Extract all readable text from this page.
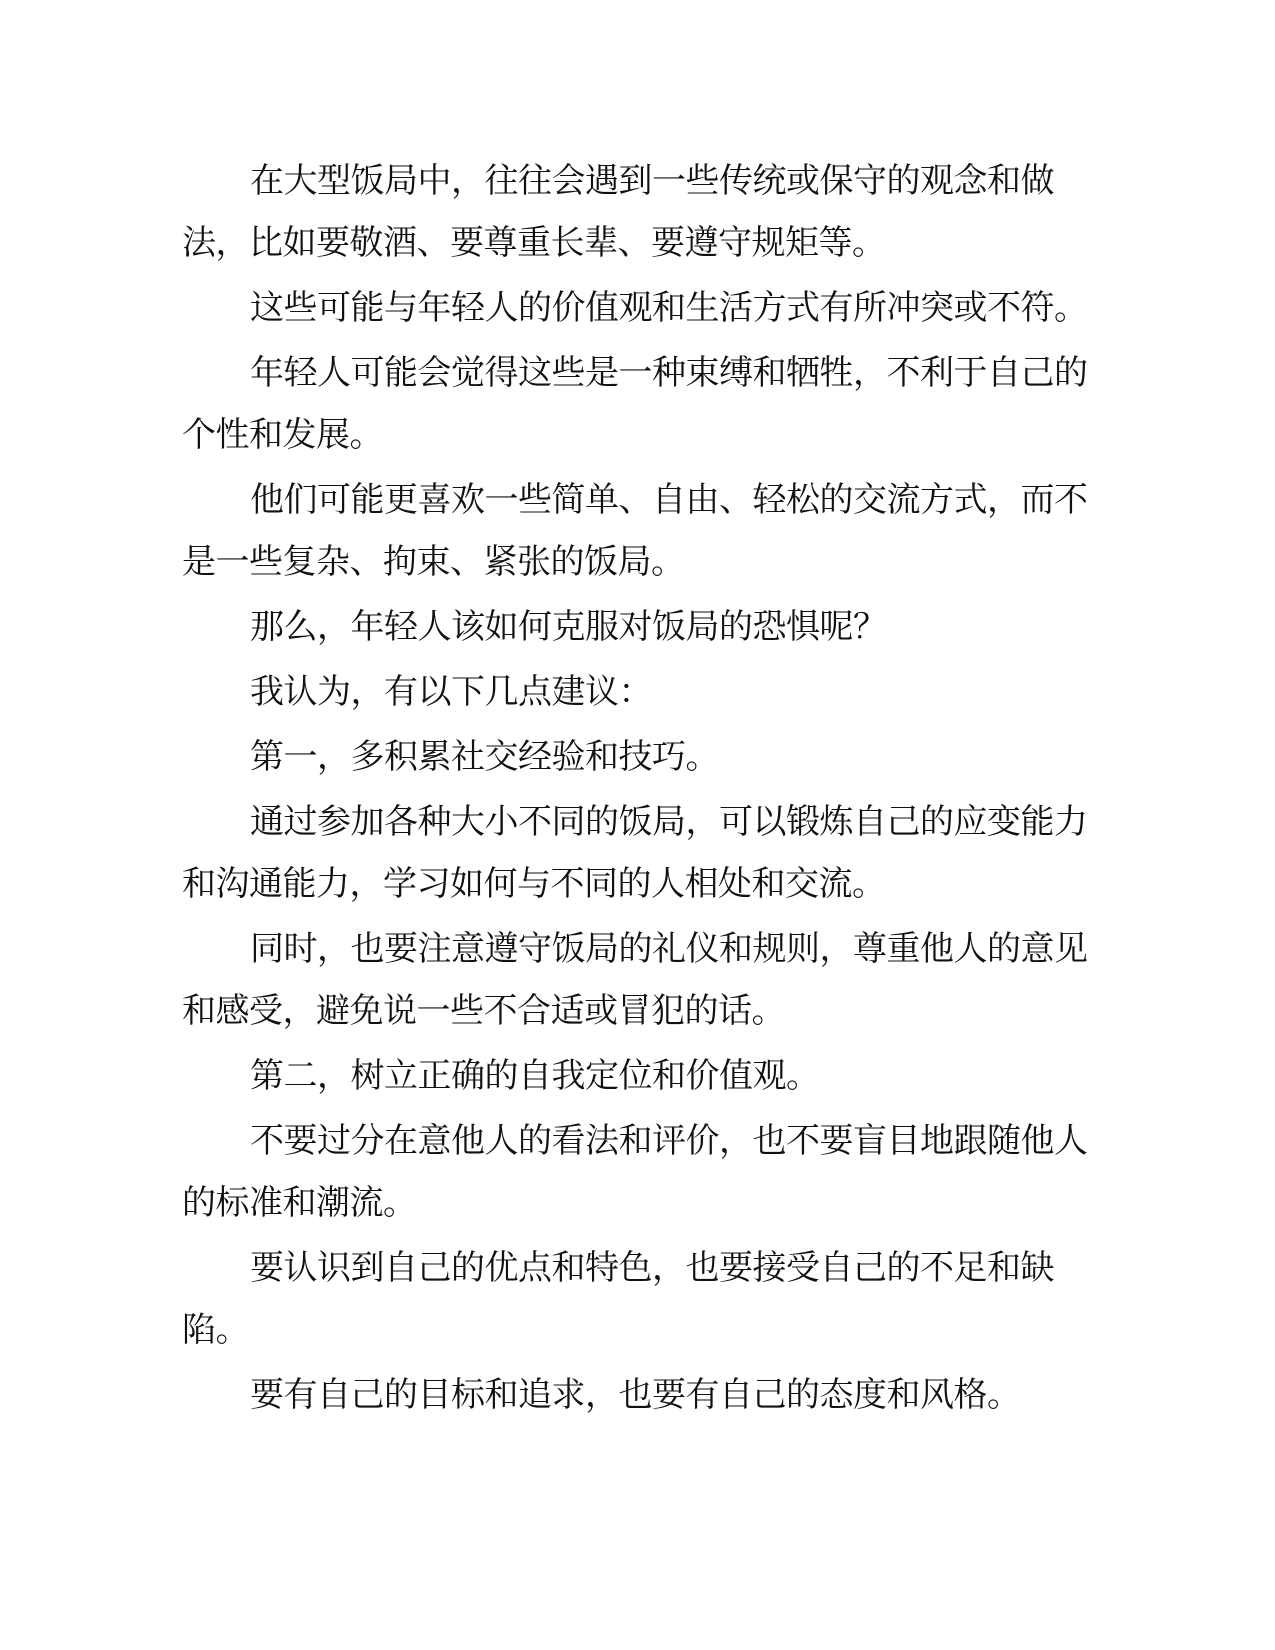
在大型饭局中，往往会遇到一些传统或保守的观念和做法，比如要敬酒、要尊重长辈、要遵守规矩等。

这些可能与年轻人的价值观和生活方式有所冲突或不符。

年轻人可能会觉得这些是一种束缚和牺牲，不利于自己的个性和发展。

他们可能更喜欢一些简单、自由、轻松的交流方式，而不是一些复杂、拘束、紧张的饭局。

那么，年轻人该如何克服对饭局的恐惧呢？

我认为，有以下几点建议：

第一，多积累社交经验和技巧。

通过参加各种大小不同的饭局，可以锻炼自己的应变能力和沟通能力，学习如何与不同的人相处和交流。

同时，也要注意遵守饭局的礼仪和规则，尊重他人的意见和感受，避免说一些不合适或冒犯的话。

第二，树立正确的自我定位和价值观。

不要过分在意他人的看法和评价，也不要盲目地跟随他人的标准和潮流。

要认识到自己的优点和特色，也要接受自己的不足和缺陷。

要有自己的目标和追求，也要有自己的态度和风格。
